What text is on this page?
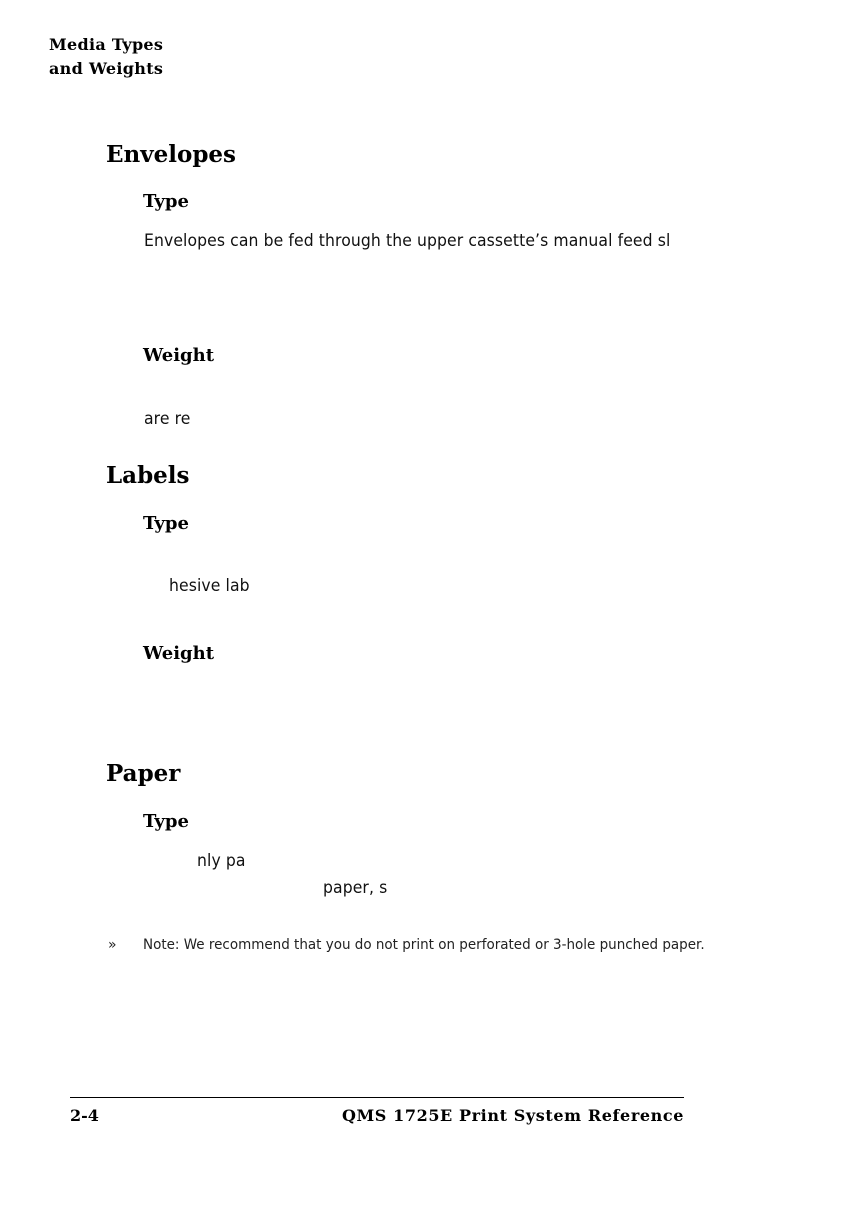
Media Types
and Weights
Envelopes
Type
Envelopes can be fed through the upper cassette’s manual feed sl
Weight
are re
Labels
Type
hesive lab
Weight
Paper
Type
nly pa
paper, s
» Note: We recommend that you do not print on perforated or 3-hole punched paper.
2-4	QMS 1725E Print System Reference
